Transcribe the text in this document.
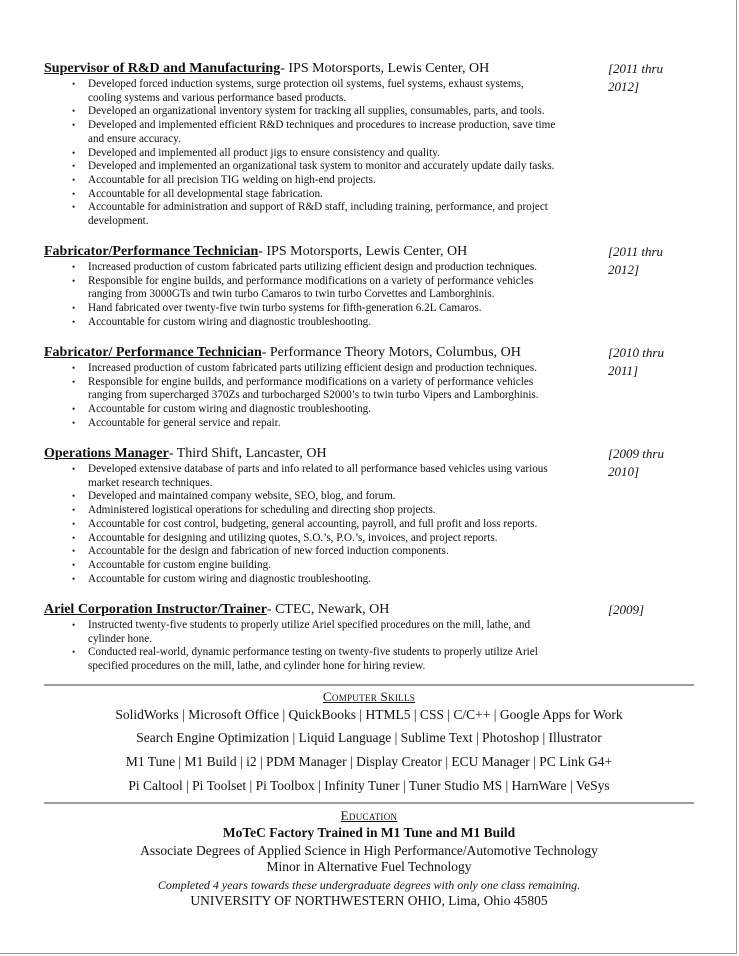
Supervisor of R&D and Manufacturing- IPS Motorsports, Lewis Center, OH	[2011 thru 2012]
• Developed forced induction systems, surge protection oil systems, fuel systems, exhaust systems, cooling systems and various performance based products.
• Developed an organizational inventory system for tracking all supplies, consumables, parts, and tools.
• Developed and implemented efficient R&D techniques and procedures to increase production, save time and ensure accuracy.
• Developed and implemented all product jigs to ensure consistency and quality.
• Developed and implemented an organizational task system to monitor and accurately update daily tasks.
• Accountable for all precision TIG welding on high-end projects.
• Accountable for all developmental stage fabrication.
• Accountable for administration and support of R&D staff, including training, performance, and project development.
Fabricator/Performance Technician- IPS Motorsports, Lewis Center, OH	[2011 thru 2012]
• Increased production of custom fabricated parts utilizing efficient design and production techniques.
• Responsible for engine builds, and performance modifications on a variety of performance vehicles ranging from 3000GTs and twin turbo Camaros to twin turbo Corvettes and Lamborghinis.
• Hand fabricated over twenty-five twin turbo systems for fifth-generation 6.2L Camaros.
• Accountable for custom wiring and diagnostic troubleshooting.
Fabricator/ Performance Technician- Performance Theory Motors, Columbus, OH	[2010 thru 2011]
• Increased production of custom fabricated parts utilizing efficient design and production techniques.
• Responsible for engine builds, and performance modifications on a variety of performance vehicles ranging from supercharged 370Zs and turbocharged S2000’s to twin turbo Vipers and Lamborghinis.
• Accountable for custom wiring and diagnostic troubleshooting.
• Accountable for general service and repair.
Operations Manager- Third Shift, Lancaster, OH	[2009 thru 2010]
• Developed extensive database of parts and info related to all performance based vehicles using various market research techniques.
• Developed and maintained company website, SEO, blog, and forum.
• Administered logistical operations for scheduling and directing shop projects.
• Accountable for cost control, budgeting, general accounting, payroll, and full profit and loss reports.
• Accountable for designing and utilizing quotes, S.O.’s, P.O.’s, invoices, and project reports.
• Accountable for the design and fabrication of new forced induction components.
• Accountable for custom engine building.
• Accountable for custom wiring and diagnostic troubleshooting.
Ariel Corporation Instructor/Trainer- CTEC, Newark, OH	[2009]
• Instructed twenty-five students to properly utilize Ariel specified procedures on the mill, lathe, and cylinder hone.
• Conducted real-world, dynamic performance testing on twenty-five students to properly utilize Ariel specified procedures on the mill, lathe, and cylinder hone for hiring review.
Computer Skills
SolidWorks | Microsoft Office | QuickBooks | HTML5 | CSS | C/C++ | Google Apps for Work
Search Engine Optimization | Liquid Language | Sublime Text | Photoshop | Illustrator
M1 Tune | M1 Build | i2 | PDM Manager | Display Creator | ECU Manager | PC Link G4+
Pi Caltool | Pi Toolset | Pi Toolbox | Infinity Tuner | Tuner Studio MS | HarnWare | VeSys
Education
MoTeC Factory Trained in M1 Tune and M1 Build
Associate Degrees of Applied Science in High Performance/Automotive Technology
Minor in Alternative Fuel Technology
Completed 4 years towards these undergraduate degrees with only one class remaining.
UNIVERSITY OF NORTHWESTERN OHIO, Lima, Ohio 45805
